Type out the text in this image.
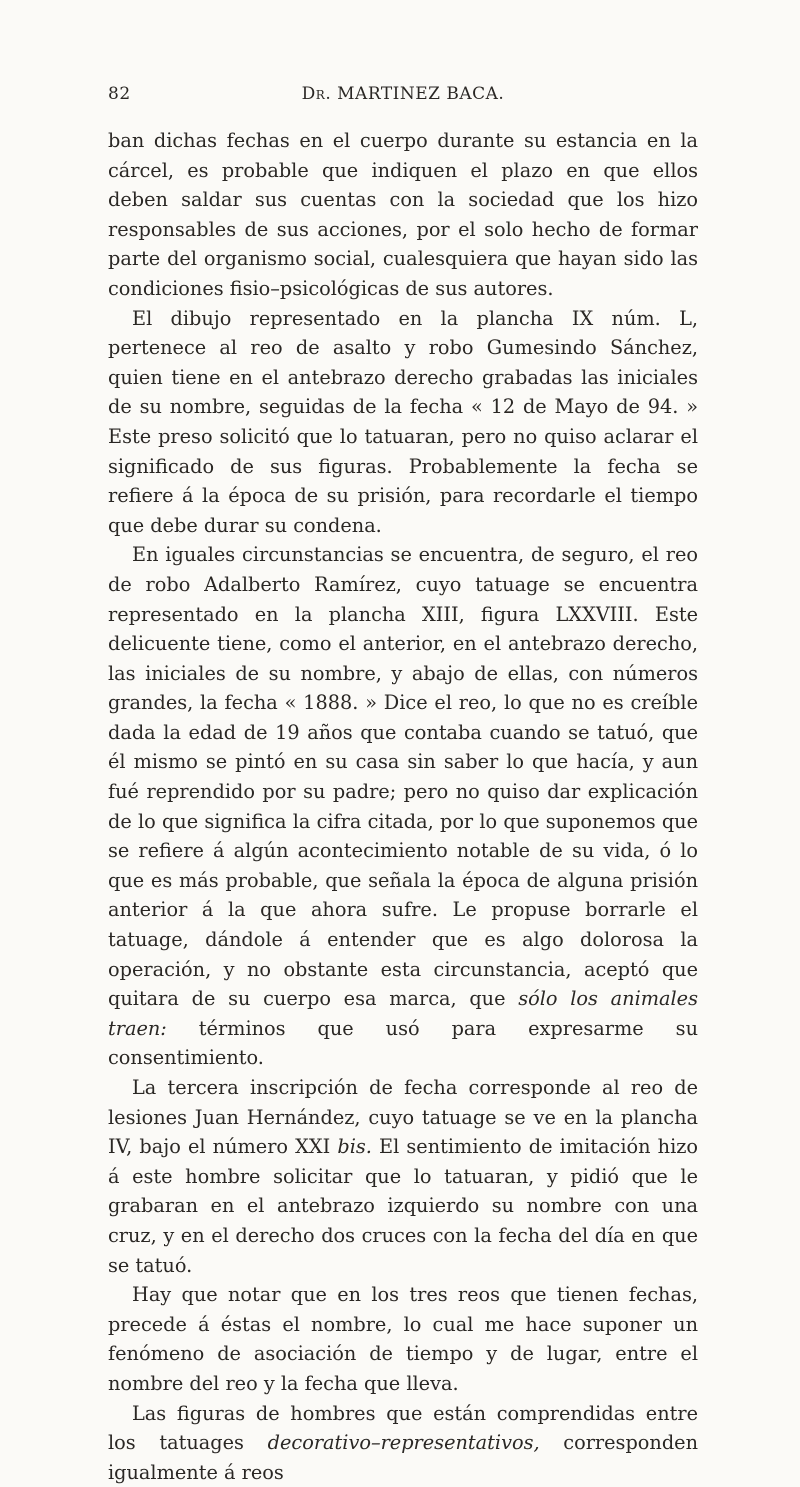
82	Dr. MARTINEZ BACA.

ban dichas fechas en el cuerpo durante su estancia en la cárcel, es probable que indiquen el plazo en que ellos deben saldar sus cuentas con la sociedad que los hizo responsables de sus acciones, por el solo hecho de formar parte del organismo social, cualesquiera que hayan sido las condiciones fisio–psicológicas de sus autores.

El dibujo representado en la plancha IX núm. L, pertenece al reo de asalto y robo Gumesindo Sánchez, quien tiene en el antebrazo derecho grabadas las iniciales de su nombre, seguidas de la fecha « 12 de Mayo de 94. » Este preso solicitó que lo tatuaran, pero no quiso aclarar el significado de sus figuras. Probablemente la fecha se refiere á la época de su prisión, para recordarle el tiempo que debe durar su condena.

En iguales circunstancias se encuentra, de seguro, el reo de robo Adalberto Ramírez, cuyo tatuage se encuentra representado en la plancha XIII, figura LXXVIII. Este delicuente tiene, como el anterior, en el antebrazo derecho, las iniciales de su nombre, y abajo de ellas, con números grandes, la fecha « 1888. » Dice el reo, lo que no es creíble dada la edad de 19 años que contaba cuando se tatuó, que él mismo se pintó en su casa sin saber lo que hacía, y aun fué reprendido por su padre; pero no quiso dar explicación de lo que significa la cifra citada, por lo que suponemos que se refiere á algún acontecimiento notable de su vida, ó lo que es más probable, que señala la época de alguna prisión anterior á la que ahora sufre. Le propuse borrarle el tatuage, dándole á entender que es algo dolorosa la operación, y no obstante esta circunstancia, aceptó que quitara de su cuerpo esa marca, que sólo los animales traen: términos que usó para expresarme su consentimiento.

La tercera inscripción de fecha corresponde al reo de lesiones Juan Hernández, cuyo tatuage se ve en la plancha IV, bajo el número XXI bis. El sentimiento de imitación hizo á este hombre solicitar que lo tatuaran, y pidió que le grabaran en el antebrazo izquierdo su nombre con una cruz, y en el derecho dos cruces con la fecha del día en que se tatuó.

Hay que notar que en los tres reos que tienen fechas, precede á éstas el nombre, lo cual me hace suponer un fenómeno de asociación de tiempo y de lugar, entre el nombre del reo y la fecha que lleva.

Las figuras de hombres que están comprendidas entre los tatuages decorativo–representativos, corresponden igualmente á reos
